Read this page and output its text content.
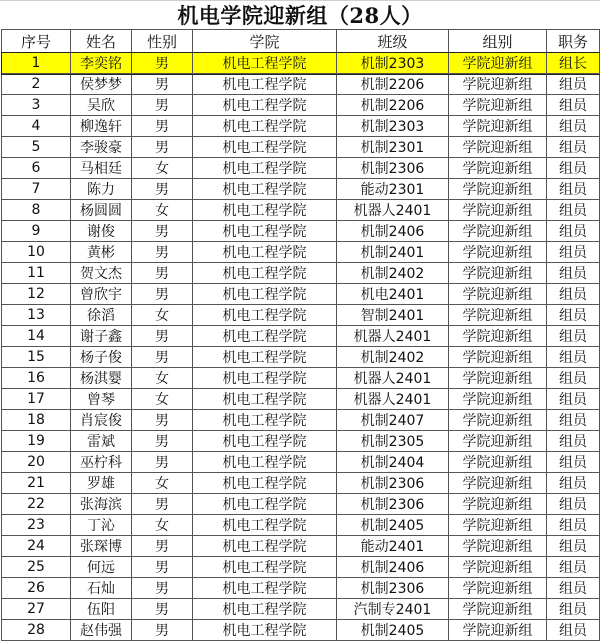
机电学院迎新组（28人）
序号	姓名	性别	学院	班级	组别	职务
1	李奕铭	男	机电工程学院	机制2303	学院迎新组	组长
2	侯梦梦	男	机电工程学院	机制2206	学院迎新组	组员
3	吴欣	男	机电工程学院	机制2206	学院迎新组	组员
4	柳逸轩	男	机电工程学院	机制2303	学院迎新组	组员
5	李骏豪	男	机电工程学院	机制2301	学院迎新组	组员
6	马相廷	女	机电工程学院	机制2306	学院迎新组	组员
7	陈力	男	机电工程学院	能动2301	学院迎新组	组员
8	杨圆圆	女	机电工程学院	机器人2401	学院迎新组	组员
9	谢俊	男	机电工程学院	机制2406	学院迎新组	组员
10	黄彬	男	机电工程学院	机制2401	学院迎新组	组员
11	贺文杰	男	机电工程学院	机制2402	学院迎新组	组员
12	曾欣宇	男	机电工程学院	机电2401	学院迎新组	组员
13	徐滔	女	机电工程学院	智制2401	学院迎新组	组员
14	谢子鑫	男	机电工程学院	机器人2401	学院迎新组	组员
15	杨子俊	男	机电工程学院	机制2402	学院迎新组	组员
16	杨淇婴	女	机电工程学院	机器人2401	学院迎新组	组员
17	曾琴	女	机电工程学院	机器人2401	学院迎新组	组员
18	肖宸俊	男	机电工程学院	机制2407	学院迎新组	组员
19	雷斌	男	机电工程学院	机制2305	学院迎新组	组员
20	巫柠科	男	机电工程学院	机制2404	学院迎新组	组员
21	罗雄	女	机电工程学院	机制2306	学院迎新组	组员
22	张海滨	男	机电工程学院	机制2306	学院迎新组	组员
23	丁沁	女	机电工程学院	机制2405	学院迎新组	组员
24	张琛博	男	机电工程学院	能动2401	学院迎新组	组员
25	何远	男	机电工程学院	机制2406	学院迎新组	组员
26	石灿	男	机电工程学院	机制2306	学院迎新组	组员
27	伍阳	男	机电工程学院	汽制专2401	学院迎新组	组员
28	赵伟强	男	机电工程学院	机制2405	学院迎新组	组员
